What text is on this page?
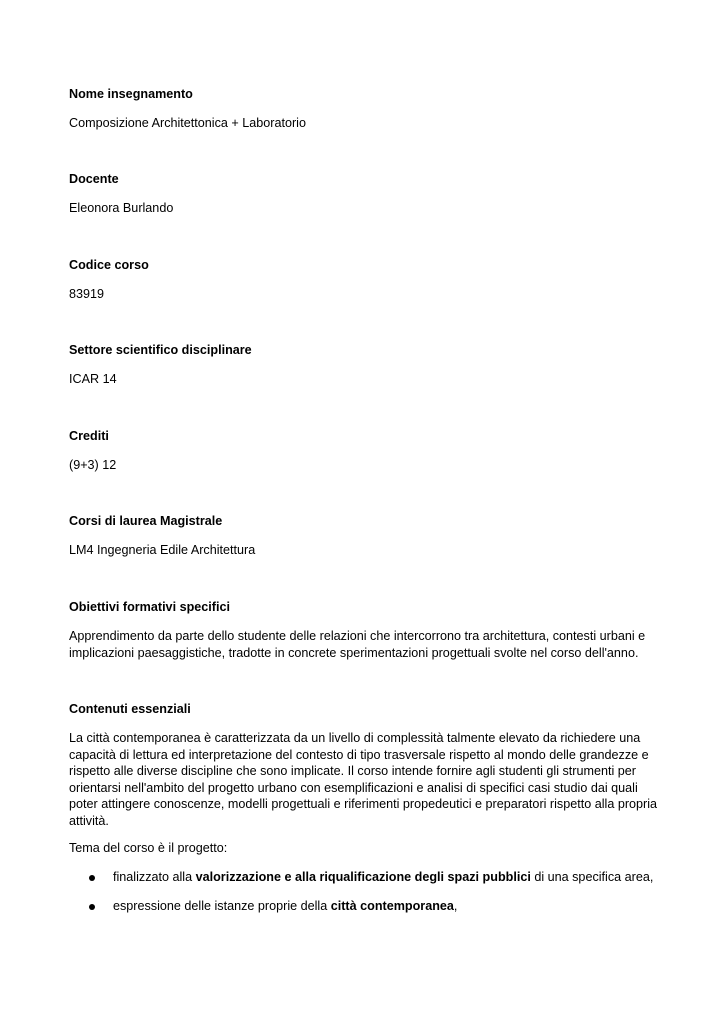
Nome insegnamento
Composizione Architettonica + Laboratorio
Docente
Eleonora Burlando
Codice corso
83919
Settore scientifico disciplinare
ICAR 14
Crediti
(9+3) 12
Corsi di laurea Magistrale
LM4 Ingegneria Edile Architettura
Obiettivi formativi specifici
Apprendimento da parte dello studente delle relazioni che intercorrono tra architettura, contesti urbani e implicazioni paesaggistiche, tradotte in concrete sperimentazioni progettuali svolte nel corso dell'anno.
Contenuti essenziali
La città contemporanea è caratterizzata da un livello di complessità talmente elevato da richiedere una capacità di lettura ed interpretazione del contesto di tipo trasversale rispetto al mondo delle grandezze e rispetto alle diverse discipline che sono implicate. Il corso intende fornire agli studenti gli strumenti per orientarsi nell'ambito del progetto urbano con esemplificazioni e analisi di specifici casi studio dai quali poter attingere conoscenze, modelli progettuali e riferimenti propedeutici e preparatori rispetto alla propria attività.
Tema del corso è il progetto:
finalizzato alla valorizzazione e alla riqualificazione degli spazi pubblici di una specifica area,
espressione delle istanze proprie della città contemporanea,
